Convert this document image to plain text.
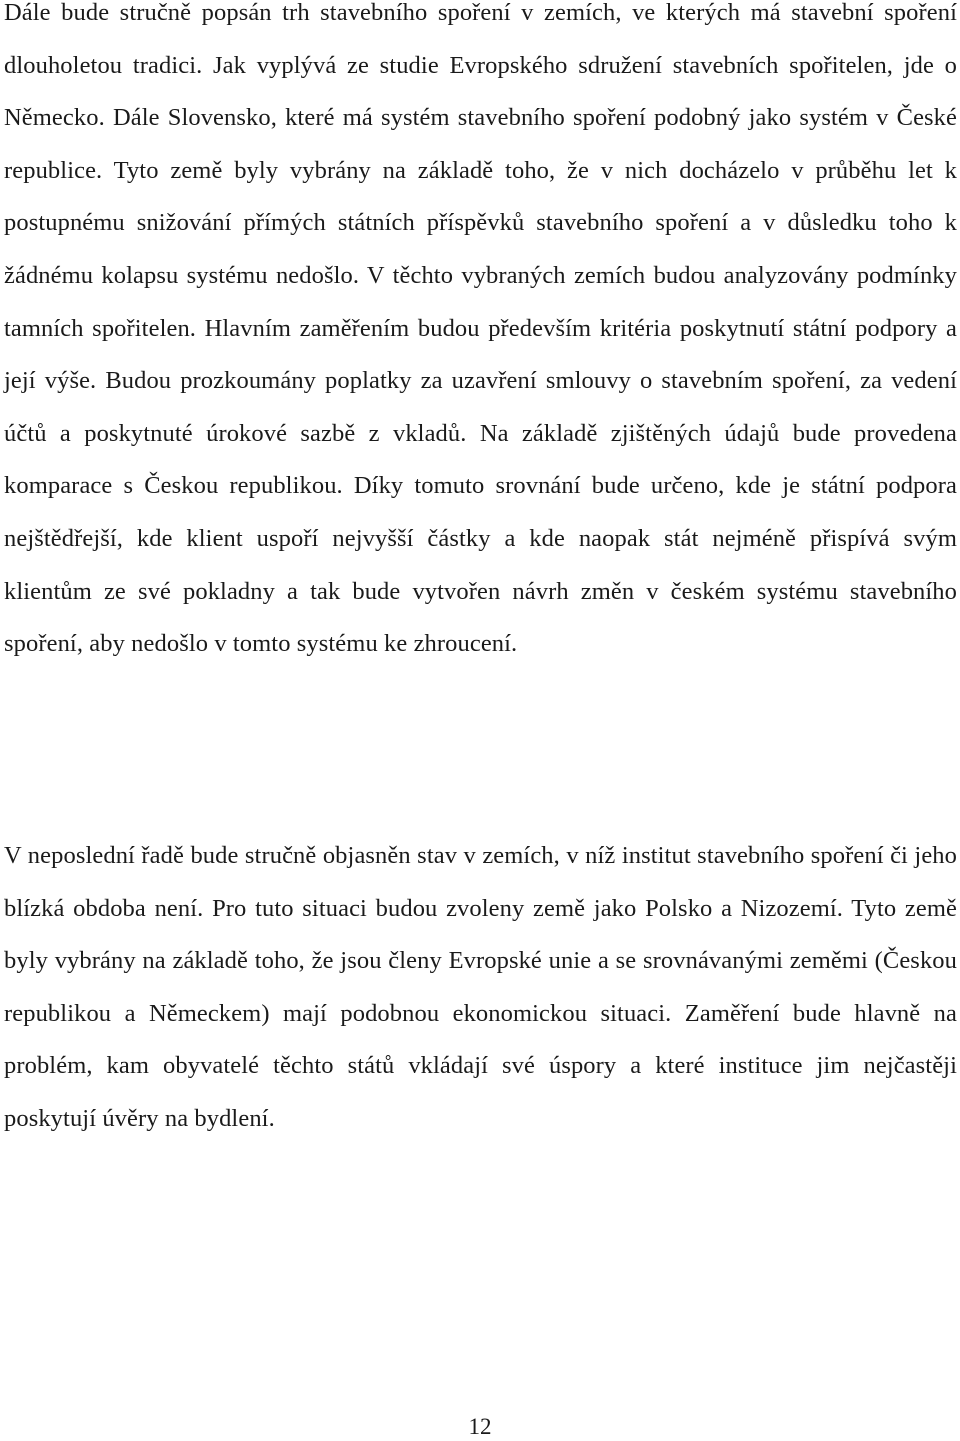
Dále bude stručně popsán trh stavebního spoření v zemích, ve kterých má stavební spoření dlouholetou tradici. Jak vyplývá ze studie Evropského sdružení stavebních spořitelen, jde o Německo. Dále Slovensko, které má systém stavebního spoření podobný jako systém v České republice. Tyto země byly vybrány na základě toho, že v nich docházelo v průběhu let k postupnému snižování přímých státních příspěvků stavebního spoření a v důsledku toho k žádnému kolapsu systému nedošlo. V těchto vybraných zemích budou analyzovány podmínky tamních spořitelen. Hlavním zaměřením budou především kritéria poskytnutí státní podpory a její výše. Budou prozkoumány poplatky za uzavření smlouvy o stavebním spoření, za vedení účtů a poskytnuté úrokové sazbě z vkladů. Na základě zjištěných údajů bude provedena komparace s Českou republikou. Díky tomuto srovnání bude určeno, kde je státní podpora nejštědřejší, kde klient uspoří nejvyšší částky a kde naopak stát nejméně přispívá svým klientům ze své pokladny a tak bude vytvořen návrh změn v českém systému stavebního spoření, aby nedošlo v tomto systému ke zhroucení.

V neposlední řadě bude stručně objasněn stav v zemích, v níž institut stavebního spoření či jeho blízká obdoba není. Pro tuto situaci budou zvoleny země jako Polsko a Nizozemí. Tyto země byly vybrány na základě toho, že jsou členy Evropské unie a se srovnávanými zeměmi (Českou republikou a Německem) mají podobnou ekonomickou situaci. Zaměření bude hlavně na problém, kam obyvatelé těchto států vkládají své úspory a které instituce jim nejčastěji poskytují úvěry na bydlení.

12
